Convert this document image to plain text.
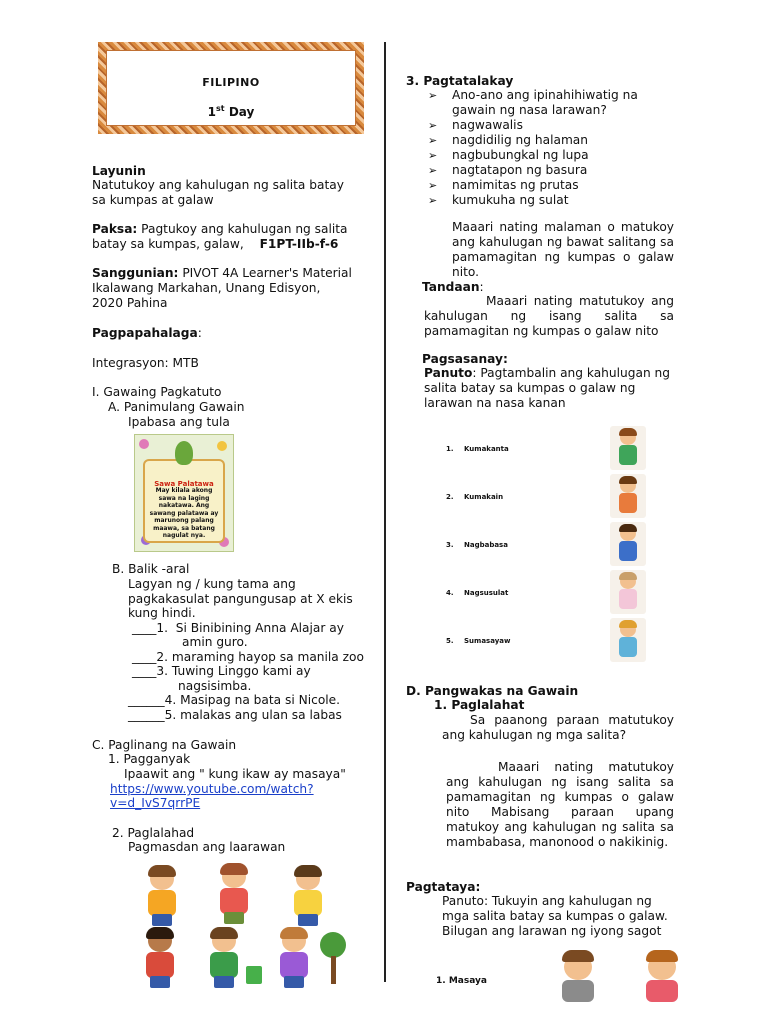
FILIPINO
1st Day
Layunin
Natutukoy ang kahulugan ng salita batay sa kumpas at galaw
Paksa: Pagtukoy ang kahulugan ng salita batay sa kumpas, galaw, F1PT-IIb-f-6
Sanggunian: PIVOT 4A Learner's Material Ikalawang Markahan, Unang Edisyon, 2020 Pahina
Pagpapahalaga:
Integrasyon: MTB
I. Gawaing Pagkatuto
A. Panimulang Gawain
Ipabasa ang tula
Sawa Palatawa
May kilala akong sawa na laging nakatawa. Ang sawang palatawa ay marunong palang maawa, sa batang nagulat nya.
B. Balik -aral
Lagyan ng / kung tama ang
pagkakasulat pangungusap at X ekis
kung hindi.
____1. Si Binibining Anna Alajar ay
amin guro.
____2. maraming hayop sa manila zoo
____3. Tuwing Linggo kami ay
nagsisimba.
______4. Masipag na bata si Nicole.
______5. malakas ang ulan sa labas
C. Paglinang na Gawain
1. Pagganyak
Ipaawit ang " kung ikaw ay masaya"
https://www.youtube.com/watch?
v=d_IvS7qrrPE
2. Paglalahad
Pagmasdan ang laarawan
3. Pagtatalakay
➢ Ano-ano ang ipinahihiwatig na gawain ng nasa larawan?
➢ nagwawalis
➢ nagdidilig ng halaman
➢ nagbubungkal ng lupa
➢ nagtatapon ng basura
➢ namimitas ng prutas
➢ kumukuha ng sulat
Maaari nating malaman o matukoy ang kahulugan ng bawat salitang sa pamamagitan ng kumpas o galaw nito.
Tandaan:
Maaari nating matutukoy ang kahulugan ng isang salita sa pamamagitan ng kumpas o galaw nito
Pagsasanay:
Panuto: Pagtambalin ang kahulugan ng salita batay sa kumpas o galaw ng larawan na nasa kanan
1. Kumakanta
2. Kumakain
3. Nagbabasa
4. Nagsusulat
5. Sumasayaw
D. Pangwakas na Gawain
1. Paglalahat
Sa paanong paraan matutukoy ang kahulugan ng mga salita?
Maaari nating matutukoy ang kahulugan ng isang salita sa pamamagitan ng kumpas o galaw nito Mabisang paraan upang matukoy ang kahulugan ng salita sa mambabasa, manonood o nakikinig.
Pagtataya:
Panuto: Tukuyin ang kahulugan ng mga salita batay sa kumpas o galaw. Bilugan ang larawan ng iyong sagot
1. Masaya
